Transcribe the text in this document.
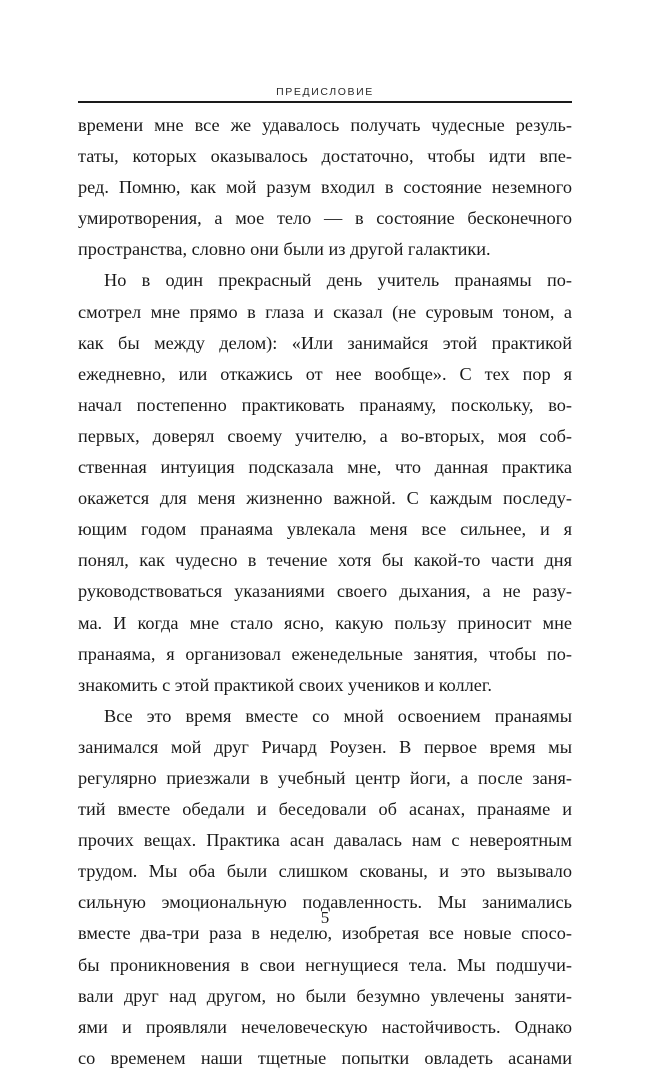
ПРЕДИСЛОВИЕ
времени мне все же удавалось получать чудесные резуль-
таты, которых оказывалось достаточно, чтобы идти впе-
ред. Помню, как мой разум входил в состояние неземного
умиротворения, а мое тело — в состояние бесконечного
пространства, словно они были из другой галактики.
Но в один прекрасный день учитель пранаямы по-
смотрел мне прямо в глаза и сказал (не суровым тоном, а
как бы между делом): «Или занимайся этой практикой
ежедневно, или откажись от нее вообще». С тех пор я
начал постепенно практиковать пранаяму, поскольку, во-
первых, доверял своему учителю, а во-вторых, моя соб-
ственная интуиция подсказала мне, что данная практика
окажется для меня жизненно важной. С каждым последу-
ющим годом пранаяма увлекала меня все сильнее, и я
понял, как чудесно в течение хотя бы какой-то части дня
руководствоваться указаниями своего дыхания, а не разу-
ма. И когда мне стало ясно, какую пользу приносит мне
пранаяма, я организовал еженедельные занятия, чтобы по-
знакомить с этой практикой своих учеников и коллег.
Все это время вместе со мной освоением пранаямы
занимался мой друг Ричард Роузен. В первое время мы
регулярно приезжали в учебный центр йоги, а после заня-
тий вместе обедали и беседовали об асанах, пранаяме и
прочих вещах. Практика асан давалась нам с невероятным
трудом. Мы оба были слишком скованы, и это вызывало
сильную эмоциональную подавленность. Мы занимались
вместе два-три раза в неделю, изобретая все новые спосо-
бы проникновения в свои негнущиеся тела. Мы подшучи-
вали друг над другом, но были безумно увлечены заняти-
ями и проявляли нечеловеческую настойчивость. Однако
со временем наши тщетные попытки овладеть асанами
5
